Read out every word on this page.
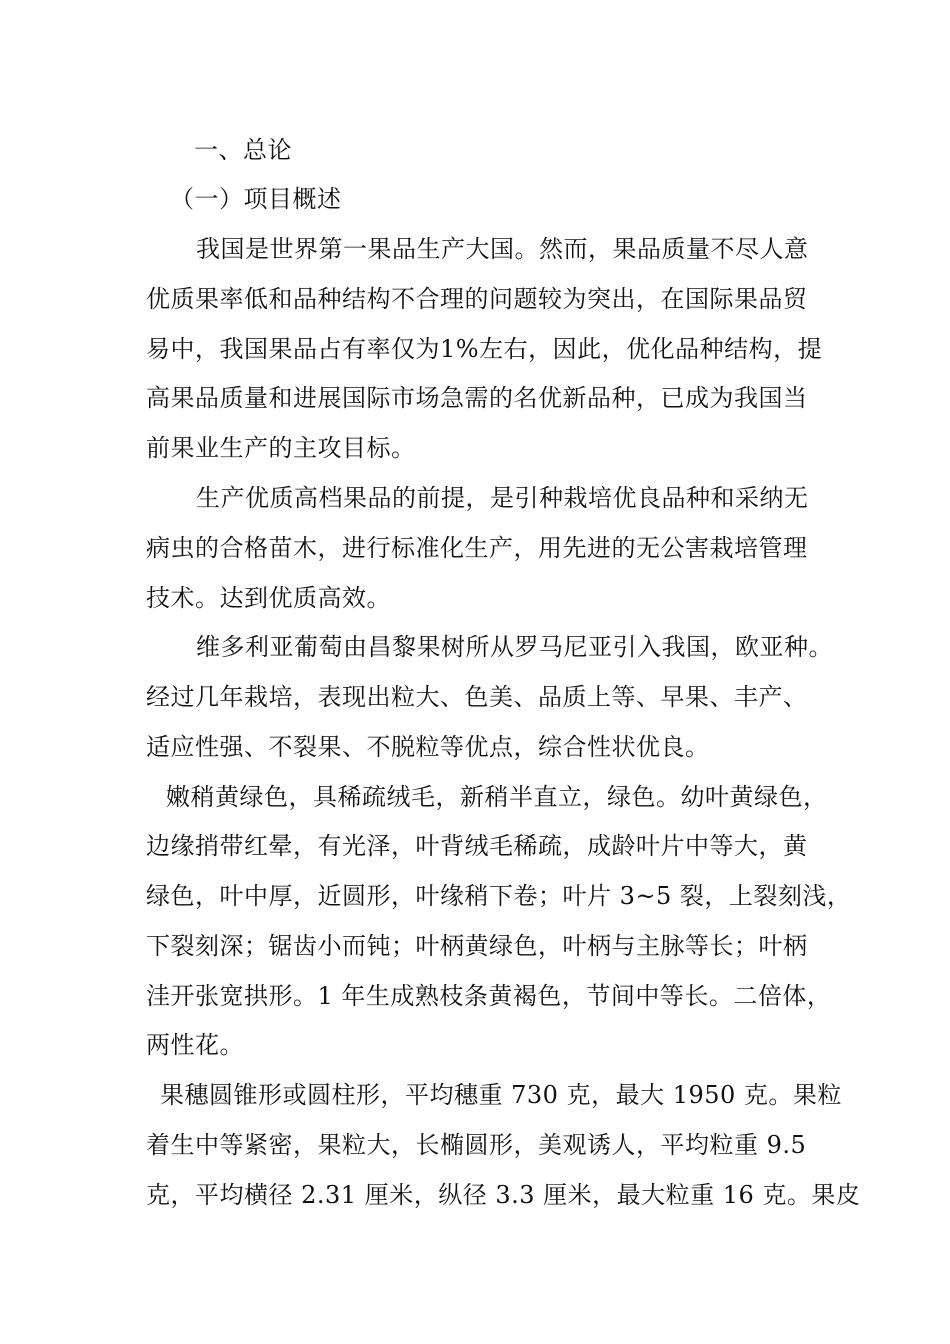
一、总论
（一）项目概述
我国是世界第一果品生产大国。然而，果品质量不尽人意
优质果率低和品种结构不合理的问题较为突出，在国际果品贸
易中，我国果品占有率仅为1%左右，因此，优化品种结构，提
高果品质量和进展国际市场急需的名优新品种，已成为我国当
前果业生产的主攻目标。
生产优质高档果品的前提，是引种栽培优良品种和采纳无
病虫的合格苗木，进行标准化生产，用先进的无公害栽培管理
技术。达到优质高效。
维多利亚葡萄由昌黎果树所从罗马尼亚引入我国，欧亚种。
经过几年栽培，表现出粒大、色美、品质上等、早果、丰产、
适应性强、不裂果、不脱粒等优点，综合性状优良。
嫩稍黄绿色，具稀疏绒毛，新稍半直立，绿色。幼叶黄绿色，
边缘捎带红晕，有光泽，叶背绒毛稀疏，成龄叶片中等大，黄
绿色，叶中厚，近圆形，叶缘稍下卷；叶片 3~5 裂，上裂刻浅，
下裂刻深；锯齿小而钝；叶柄黄绿色，叶柄与主脉等长；叶柄
洼开张宽拱形。1 年生成熟枝条黄褐色，节间中等长。二倍体，
两性花。
果穗圆锥形或圆柱形，平均穗重 730 克，最大 1950 克。果粒
着生中等紧密，果粒大，长椭圆形，美观诱人，平均粒重 9.5
克，平均横径 2.31 厘米，纵径 3.3 厘米，最大粒重 16 克。果皮
